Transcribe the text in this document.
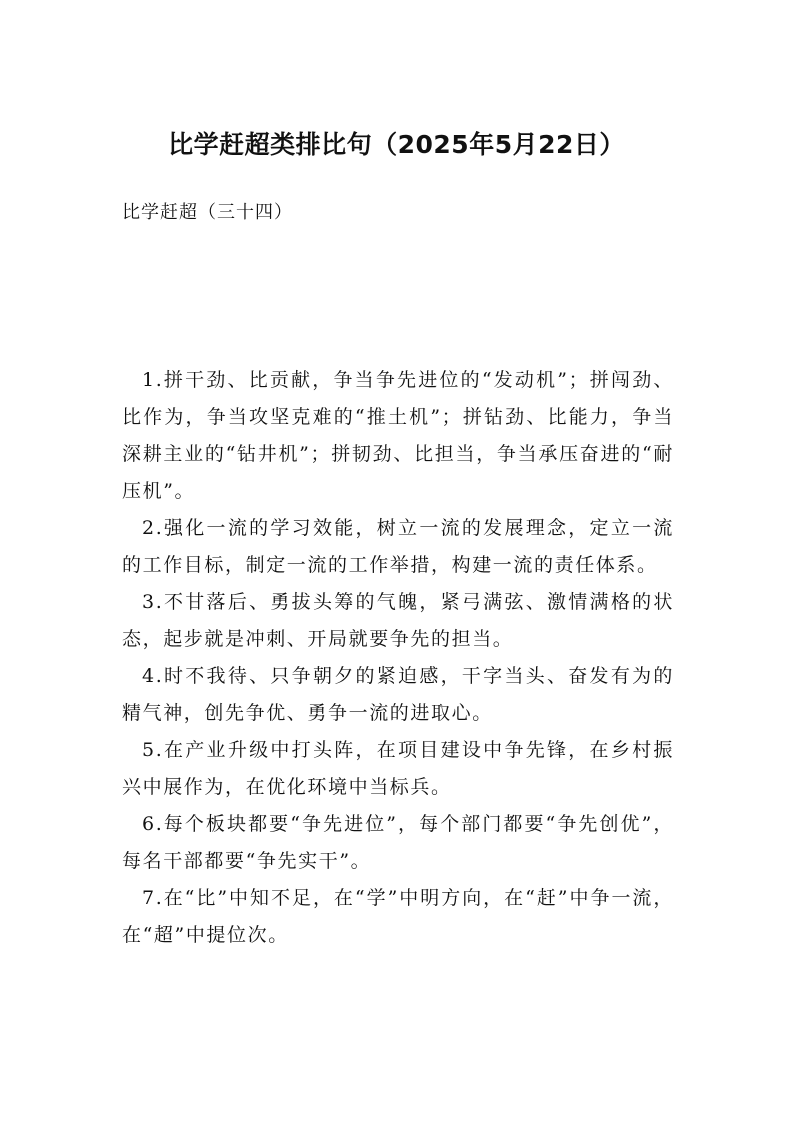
比学赶超类排比句（2025年5月22日）
比学赶超（三十四）

1.拼干劲、比贡献，争当争先进位的“发动机”；拼闯劲、比作为，争当攻坚克难的“推土机”；拼钻劲、比能力，争当深耕主业的“钻井机”；拼韧劲、比担当，争当承压奋进的“耐压机”。

2.强化一流的学习效能，树立一流的发展理念，定立一流的工作目标，制定一流的工作举措，构建一流的责任体系。

3.不甘落后、勇拔头筹的气魄，紧弓满弦、激情满格的状态，起步就是冲刺、开局就要争先的担当。

4.时不我待、只争朝夕的紧迫感，干字当头、奋发有为的精气神，创先争优、勇争一流的进取心。

5.在产业升级中打头阵，在项目建设中争先锋，在乡村振兴中展作为，在优化环境中当标兵。

6.每个板块都要“争先进位”，每个部门都要“争先创优”，每名干部都要“争先实干”。

7.在“比”中知不足，在“学”中明方向，在“赶”中争一流，在“超”中提位次。
